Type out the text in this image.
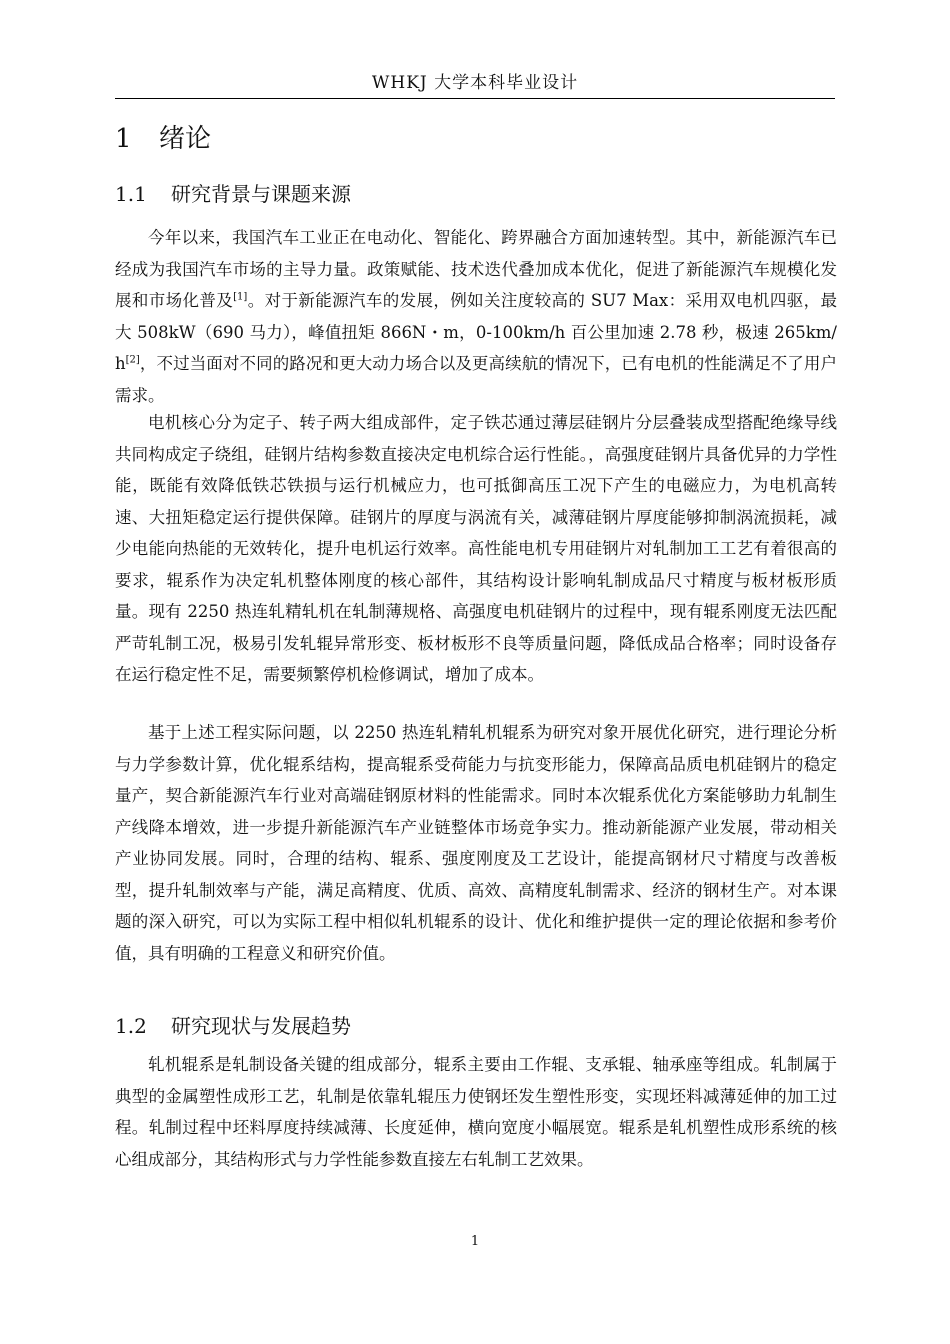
WHKJ 大学本科毕业设计
1 绪论
1.1 研究背景与课题来源

今年以来，我国汽车工业正在电动化、智能化、跨界融合方面加速转型。其中，新能源汽车已经成为我国汽车市场的主导力量。政策赋能、技术迭代叠加成本优化，促进了新能源汽车规模化发展和市场化普及[1]。对于新能源汽车的发展，例如关注度较高的 SU7 Max：采用双电机四驱，最大 508kW（690 马力），峰值扭矩 866N・m，0-100km/h 百公里加速 2.78 秒，极速 265km/h[2]，不过当面对不同的路况和更大动力场合以及更高续航的情况下，已有电机的性能满足不了用户需求。

电机核心分为定子、转子两大组成部件，定子铁芯通过薄层硅钢片分层叠装成型搭配绝缘导线共同构成定子绕组，硅钢片结构参数直接决定电机综合运行性能。，高强度硅钢片具备优异的力学性能，既能有效降低铁芯铁损与运行机械应力，也可抵御高压工况下产生的电磁应力，为电机高转速、大扭矩稳定运行提供保障。硅钢片的厚度与涡流有关，减薄硅钢片厚度能够抑制涡流损耗，减少电能向热能的无效转化，提升电机运行效率。高性能电机专用硅钢片对轧制加工工艺有着很高的要求，辊系作为决定轧机整体刚度的核心部件，其结构设计影响轧制成品尺寸精度与板材板形质量。现有 2250 热连轧精轧机在轧制薄规格、高强度电机硅钢片的过程中，现有辊系刚度无法匹配严苛轧制工况，极易引发轧辊异常形变、板材板形不良等质量问题，降低成品合格率；同时设备存在运行稳定性不足，需要频繁停机检修调试，增加了成本。

基于上述工程实际问题，以 2250 热连轧精轧机辊系为研究对象开展优化研究，进行理论分析与力学参数计算，优化辊系结构，提高辊系受荷能力与抗变形能力，保障高品质电机硅钢片的稳定量产，契合新能源汽车行业对高端硅钢原材料的性能需求。同时本次辊系优化方案能够助力轧制生产线降本增效，进一步提升新能源汽车产业链整体市场竞争实力。推动新能源产业发展，带动相关产业协同发展。同时，合理的结构、辊系、强度刚度及工艺设计，能提高钢材尺寸精度与改善板型，提升轧制效率与产能，满足高精度、优质、高效、高精度轧制需求、经济的钢材生产。对本课题的深入研究，可以为实际工程中相似轧机辊系的设计、优化和维护提供一定的理论依据和参考价值，具有明确的工程意义和研究价值。

1.2 研究现状与发展趋势

轧机辊系是轧制设备关键的组成部分，辊系主要由工作辊、支承辊、轴承座等组成。轧制属于典型的金属塑性成形工艺，轧制是依靠轧辊压力使钢坯发生塑性形变，实现坯料减薄延伸的加工过程。轧制过程中坯料厚度持续减薄、长度延伸，横向宽度小幅展宽。辊系是轧机塑性成形系统的核心组成部分，其结构形式与力学性能参数直接左右轧制工艺效果。

1
